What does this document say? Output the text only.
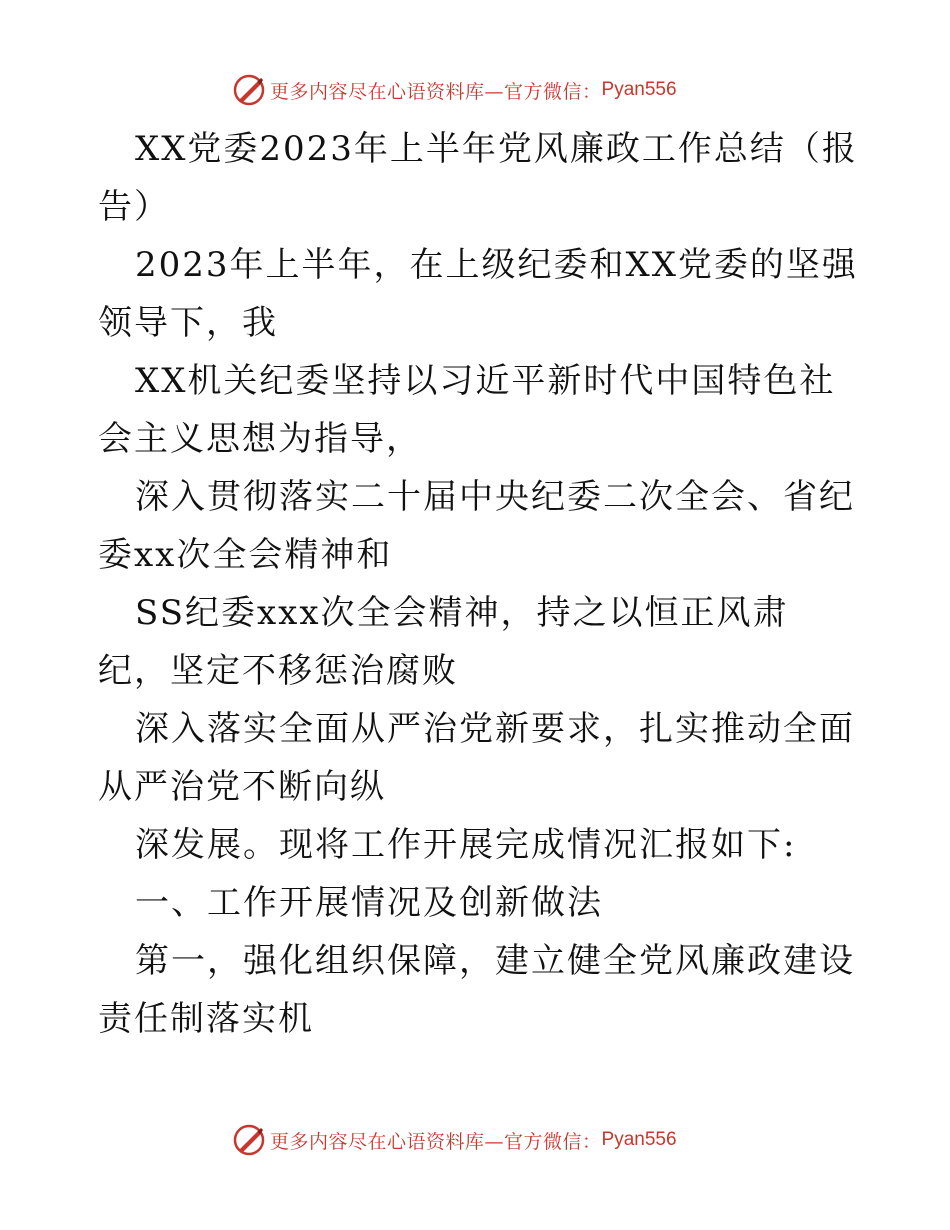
更多内容尽在心语资料库—官方微信： Pyan556

XX党委2023年上半年党风廉政工作总结（报告）

2023年上半年，在上级纪委和XX党委的坚强领导下，我

XX机关纪委坚持以习近平新时代中国特色社会主义思想为指导，

深入贯彻落实二十届中央纪委二次全会、省纪委xx次全会精神和

SS纪委xxx次全会精神，持之以恒正风肃纪，坚定不移惩治腐败

深入落实全面从严治党新要求，扎实推动全面从严治党不断向纵

深发展。现将工作开展完成情况汇报如下:

一、工作开展情况及创新做法

第一，强化组织保障，建立健全党风廉政建设责任制落实机

更多内容尽在心语资料库—官方微信： Pyan556
